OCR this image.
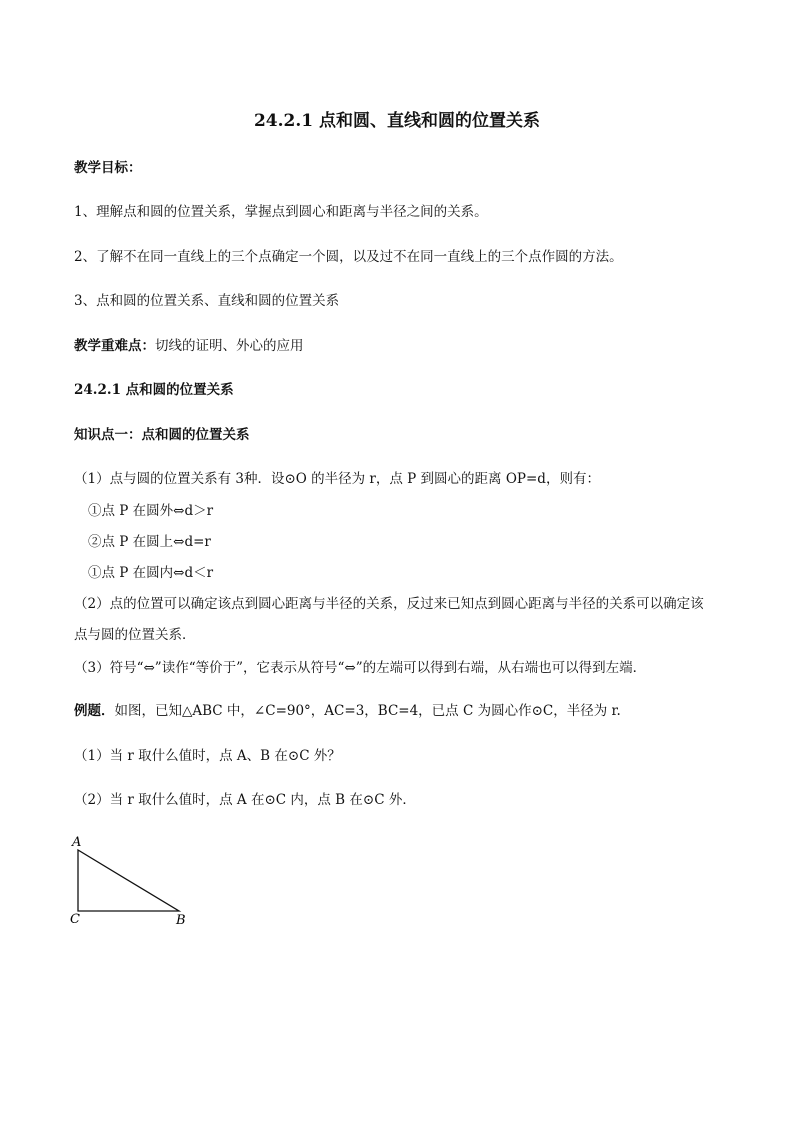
24.2.1 点和圆、直线和圆的位置关系
教学目标：
1、理解点和圆的位置关系，掌握点到圆心和距离与半径之间的关系。
2、了解不在同一直线上的三个点确定一个圆，以及过不在同一直线上的三个点作圆的方法。
3、点和圆的位置关系、直线和圆的位置关系
教学重难点：切线的证明、外心的应用
24.2.1 点和圆的位置关系
知识点一：点和圆的位置关系
（1）点与圆的位置关系有 3种．设⊙O 的半径为 r，点 P 到圆心的距离 OP=d，则有：
①点 P 在圆外⇔d＞r
②点 P 在圆上⇔d=r
①点 P 在圆内⇔d＜r
（2）点的位置可以确定该点到圆心距离与半径的关系，反过来已知点到圆心距离与半径的关系可以确定该
点与圆的位置关系．
（3）符号“⇔”读作“等价于”，它表示从符号“⇔”的左端可以得到右端，从右端也可以得到左端．
例题．如图，已知△ABC 中，∠C=90°，AC=3，BC=4，已点 C 为圆心作⊙C，半径为 r.
（1）当 r 取什么值时，点 A、B 在⊙C 外？
（2）当 r 取什么值时，点 A 在⊙C 内，点 B 在⊙C 外．
A
C	B
